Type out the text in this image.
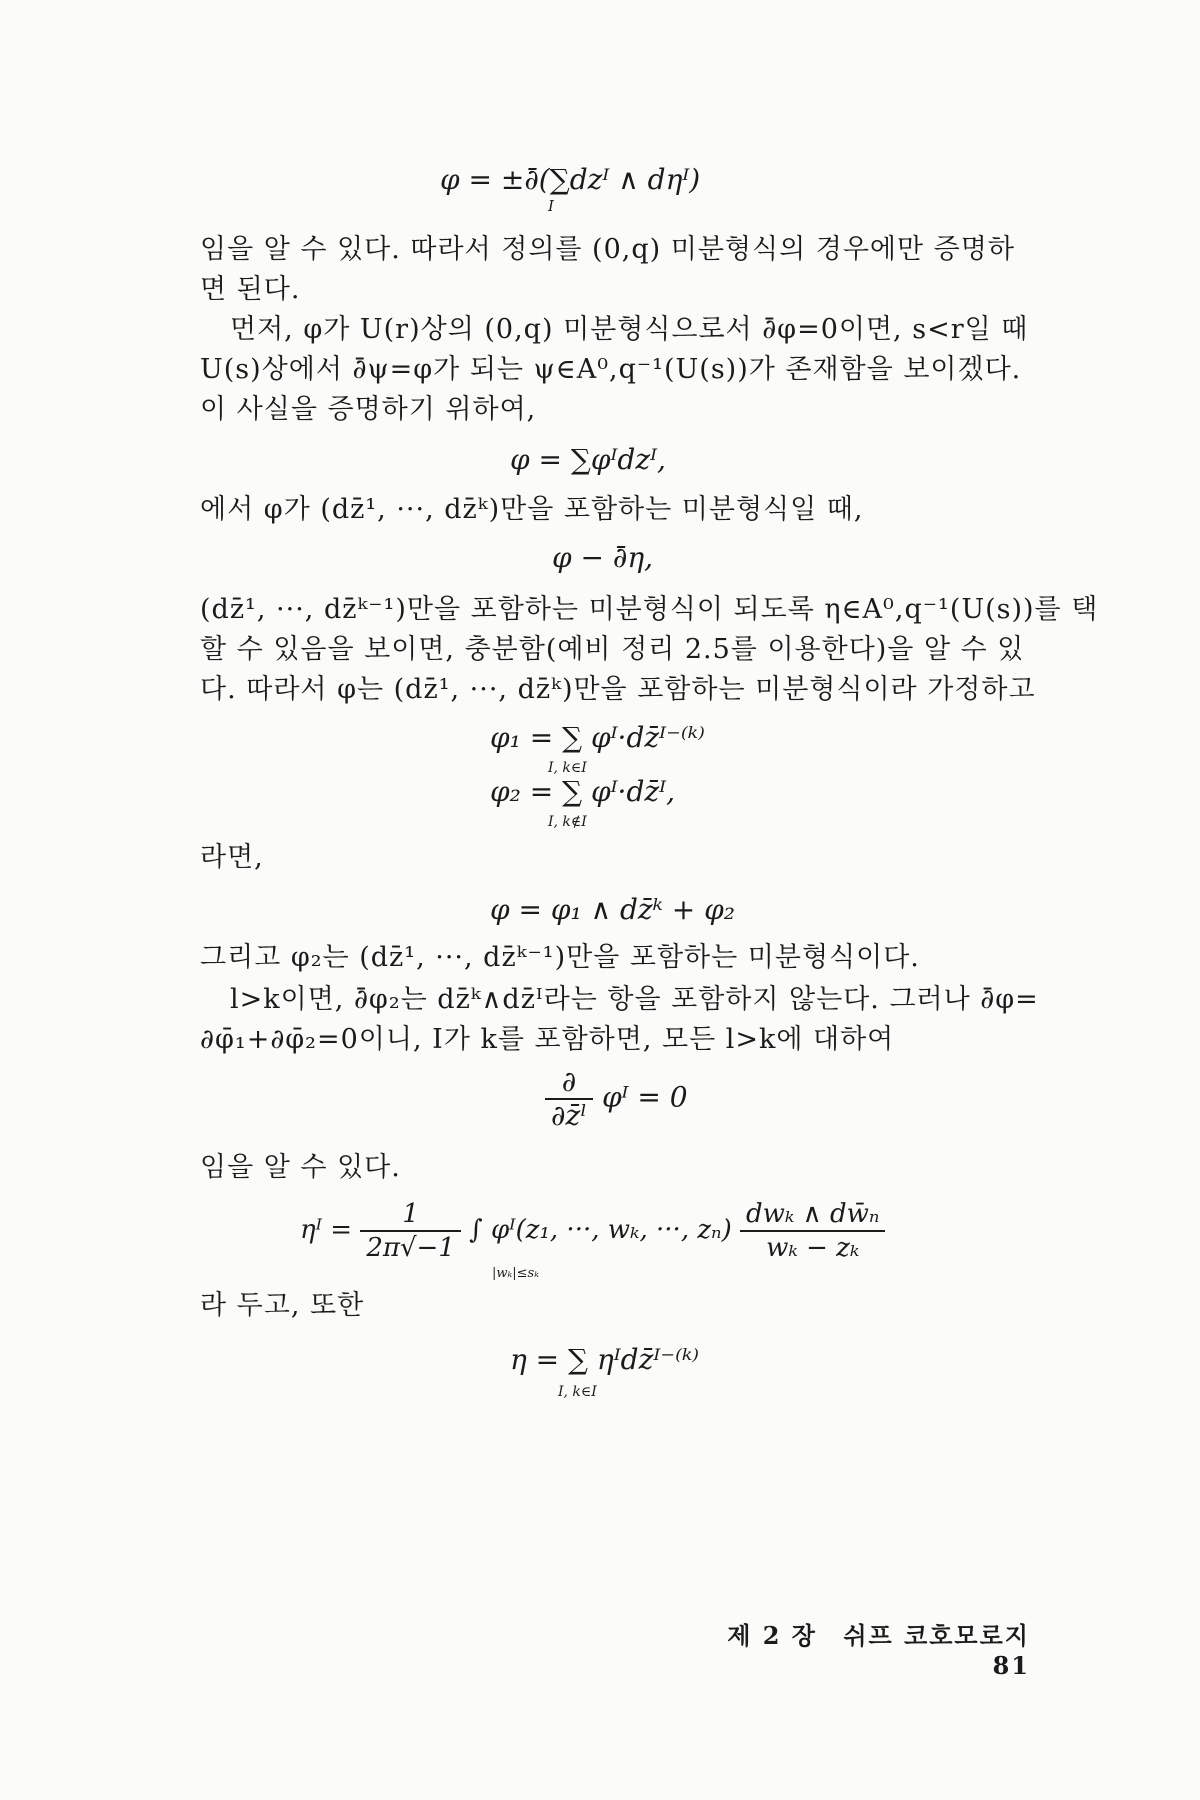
φ = ±∂̄(∑dzᴵ ∧ dηᴵ)
I
임을 알 수 있다. 따라서 정의를 (0,q) 미분형식의 경우에만 증명하
면 된다.
먼저, φ가 U(r)상의 (0,q) 미분형식으로서 ∂̄φ=0이면, s<r일 때
U(s)상에서 ∂̄ψ=φ가 되는 ψ∈A⁰,q⁻¹(U(s))가 존재함을 보이겠다.
이 사실을 증명하기 위하여,
φ = ∑φᴵdzᴵ,
에서 φ가 (dz̄¹, ···, dz̄ᵏ)만을 포함하는 미분형식일 때,
φ − ∂̄η,
(dz̄¹, ···, dz̄ᵏ⁻¹)만을 포함하는 미분형식이 되도록 η∈A⁰,q⁻¹(U(s))를 택
할 수 있음을 보이면, 충분함(예비 정리 2.5를 이용한다)을 알 수 있
다. 따라서 φ는 (dz̄¹, ···, dz̄ᵏ)만을 포함하는 미분형식이라 가정하고
φ₁ = ∑ φᴵ·dz̄ᴵ⁻⁽ᵏ⁾
I, k∈I
φ₂ = ∑ φᴵ·dz̄ᴵ,
I, k∉I
라면,
φ = φ₁ ∧ dz̄ᵏ + φ₂
그리고 φ₂는 (dz̄¹, ···, dz̄ᵏ⁻¹)만을 포함하는 미분형식이다.
l>k이면, ∂̄φ₂는 dz̄ᵏ∧dz̄ᴵ라는 항을 포함하지 않는다. 그러나 ∂̄φ=
∂φ̄₁+∂φ̄₂=0이니, I가 k를 포함하면, 모든 l>k에 대하여
$\frac{\partial}{\text{∂z̄ˡ}}$ φᴵ = 0
임을 알 수 있다.
ηᴵ = $\frac{1}{2\pi√-1}$ ∫ φᴵ(z₁, ···, wₖ, ···, $z_n) \frac{\text{dwₖ ∧ dw̄ₙ}}{\text{wₖ − zₖ}}$
|wₖ|≤sₖ
라 두고, 또한
η = ∑ ηᴵdz̄ᴵ⁻⁽ᵏ⁾
I, k∈I
제 2 장 쉬프 코호모로지 81
